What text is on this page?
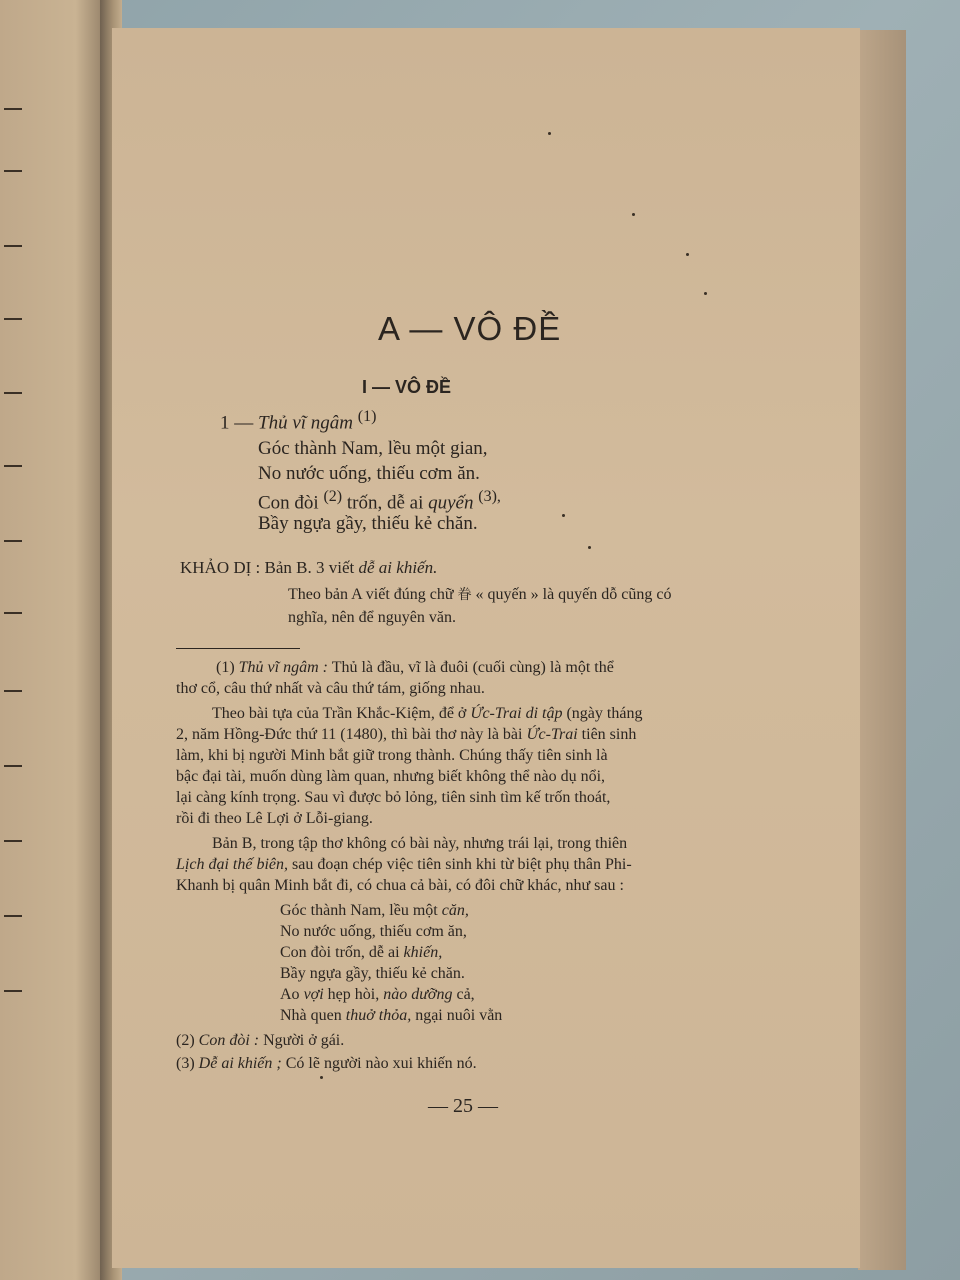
A — VÔ ĐỀ
I — VÔ ĐỀ
1 — Thủ vĩ ngâm $^{(1)}$
Góc thành Nam, lều một gian,
No nước uống, thiếu cơm ăn.
Con đòi $^{(2)}$ trốn, dễ ai quyến $^{(3),}$
Bầy ngựa gầy, thiếu kẻ chăn.
KHẢO DỊ : Bản B. 3 viết dễ ai khiến.
Theo bản A viết đúng chữ 眷 « quyến » là quyến dỗ cũng có
nghĩa, nên để nguyên văn.
(1) Thủ vĩ ngâm : Thủ là đầu, vĩ là đuôi (cuối cùng) là một thể
thơ cổ, câu thứ nhất và câu thứ tám, giống nhau.
Theo bài tựa của Trần Khắc-Kiệm, để ở Ức-Trai di tập (ngày tháng
2, năm Hồng-Đức thứ 11 (1480), thì bài thơ này là bài Ức-Trai tiên sinh
làm, khi bị người Minh bắt giữ trong thành. Chúng thấy tiên sinh là
bậc đại tài, muốn dùng làm quan, nhưng biết không thể nào dụ nổi,
lại càng kính trọng. Sau vì được bỏ lỏng, tiên sinh tìm kế trốn thoát,
rồi đi theo Lê Lợi ở Lỗi-giang.
Bản B, trong tập thơ không có bài này, nhưng trái lại, trong thiên
Lịch đại thế biên, sau đoạn chép việc tiên sinh khi từ biệt phụ thân Phi-
Khanh bị quân Minh bắt đi, có chua cả bài, có đôi chữ khác, như sau :
Góc thành Nam, lều một căn,
No nước uống, thiếu cơm ăn,
Con đòi trốn, dễ ai khiến,
Bầy ngựa gầy, thiếu kẻ chăn.
Ao vợi hẹp hòi, nào dưỡng cả,
Nhà quen thuở thỏa, ngại nuôi vằn
(2) Con đòi : Người ở gái.
(3) Dễ ai khiến ; Có lẽ người nào xui khiến nó.
— 25 —
